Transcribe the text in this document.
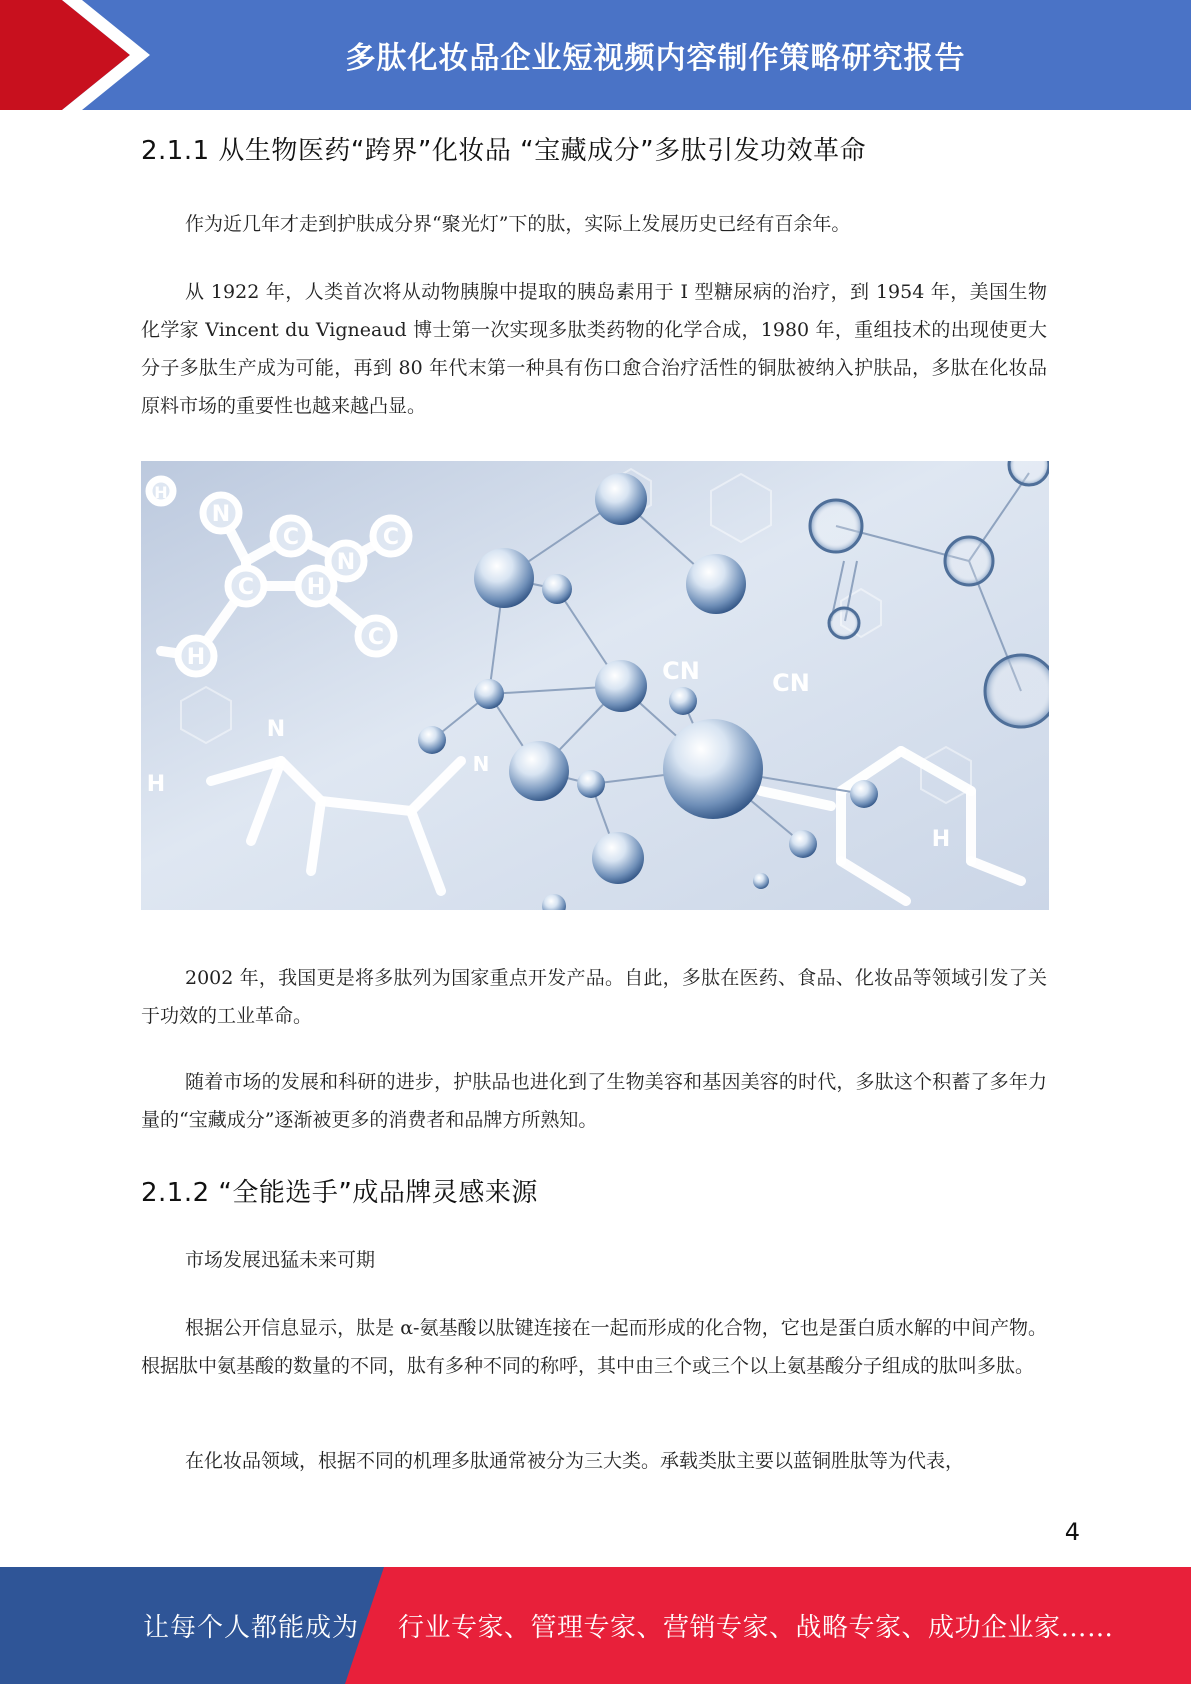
多肽化妆品企业短视频内容制作策略研究报告
2.1.1 从生物医药“跨界”化妆品 “宝藏成分”多肽引发功效革命

作为近几年才走到护肤成分界“聚光灯”下的肽，实际上发展历史已经有百余年。

从 1922 年，人类首次将从动物胰腺中提取的胰岛素用于 I 型糖尿病的治疗，到 1954 年，美国生物化学家 Vincent du Vigneaud 博士第一次实现多肽类药物的化学合成，1980 年，重组技术的出现使更大分子多肽生产成为可能，再到 80 年代末第一种具有伤口愈合治疗活性的铜肽被纳入护肤品，多肽在化妆品原料市场的重要性也越来越凸显。

N
N
C
C H
C
C
H
H
CN	CN
N
H
H
N

2002 年，我国更是将多肽列为国家重点开发产品。自此，多肽在医药、食品、化妆品等领域引发了关于功效的工业革命。

随着市场的发展和科研的进步，护肤品也进化到了生物美容和基因美容的时代，多肽这个积蓄了多年力量的“宝藏成分”逐渐被更多的消费者和品牌方所熟知。

2.1.2 “全能选手”成品牌灵感来源

市场发展迅猛未来可期

根据公开信息显示，肽是 α-氨基酸以肽键连接在一起而形成的化合物，它也是蛋白质水解的中间产物。根据肽中氨基酸的数量的不同，肽有多种不同的称呼，其中由三个或三个以上氨基酸分子组成的肽叫多肽。

在化妆品领域，根据不同的机理多肽通常被分为三大类。承载类肽主要以蓝铜胜肽等为代表，

4
让每个人都能成为 行业专家、管理专家、营销专家、战略专家、成功企业家……
